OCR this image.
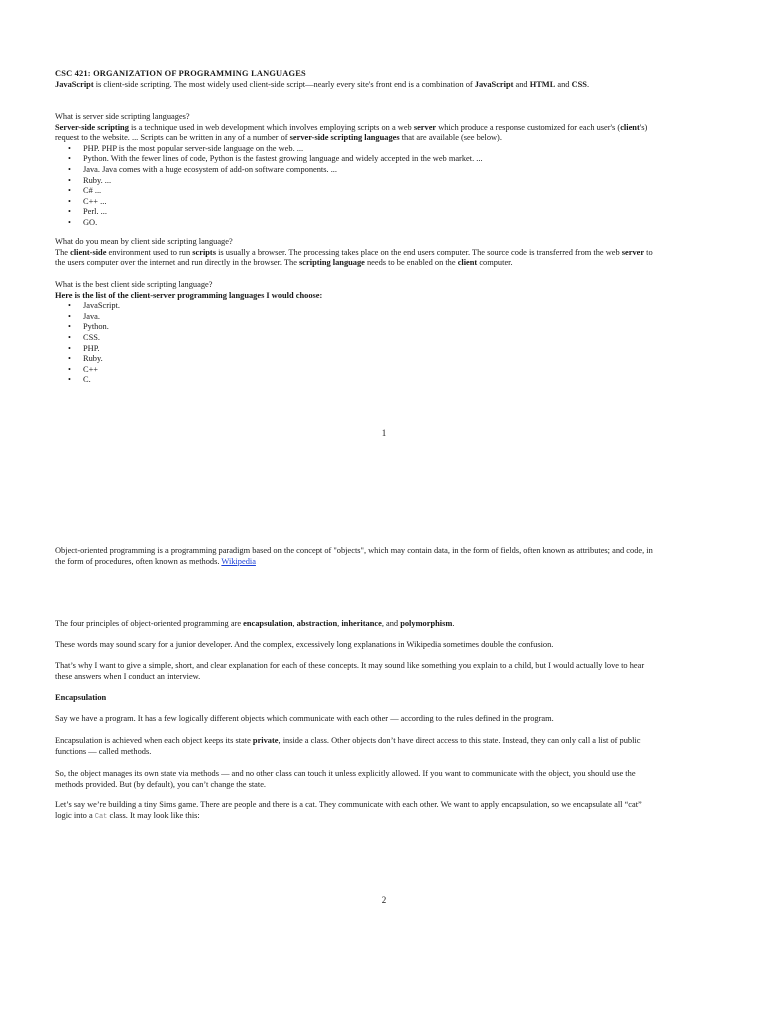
CSC 421: ORGANIZATION OF PROGRAMMING LANGUAGES

JavaScript is client-side scripting. The most widely used client-side script—nearly every site's front end is a combination of JavaScript and HTML and CSS.

What is server side scripting languages?

Server-side scripting is a technique used in web development which involves employing scripts on a web server which produce a response customized for each user's (client's)
request to the website. ... Scripts can be written in any of a number of server-side scripting languages that are available (see below).

• PHP. PHP is the most popular server-side language on the web. ...
• Python. With the fewer lines of code, Python is the fastest growing language and widely accepted in the web market. ...
• Java. Java comes with a huge ecosystem of add-on software components. ...
• Ruby. ...
• C# ...
• C++ ...
• Perl. ...
• GO.

What do you mean by client side scripting language?

The client-side environment used to run scripts is usually a browser. The processing takes place on the end users computer. The source code is transferred from the web server to
the users computer over the internet and run directly in the browser. The scripting language needs to be enabled on the client computer.

What is the best client side scripting language?

Here is the list of the client-server programming languages I would choose:

• JavaScript.
• Java.
• Python.
• CSS.
• PHP.
• Ruby.
• C++
• C.
1

Object-oriented programming is a programming paradigm based on the concept of "objects", which may contain data, in the form of fields, often known as attributes; and code, in

the form of procedures, often known as methods. Wikipedia

The four principles of object-oriented programming are encapsulation, abstraction, inheritance, and polymorphism.

These words may sound scary for a junior developer. And the complex, excessively long explanations in Wikipedia sometimes double the confusion.

That’s why I want to give a simple, short, and clear explanation for each of these concepts. It may sound like something you explain to a child, but I would actually love to hear

these answers when I conduct an interview.

Encapsulation

Say we have a program. It has a few logically different objects which communicate with each other — according to the rules defined in the program.

Encapsulation is achieved when each object keeps its state private, inside a class. Other objects don’t have direct access to this state. Instead, they can only call a list of public

functions — called methods.

So, the object manages its own state via methods — and no other class can touch it unless explicitly allowed. If you want to communicate with the object, you should use the

methods provided. But (by default), you can’t change the state.

Let’s say we’re building a tiny Sims game. There are people and there is a cat. They communicate with each other. We want to apply encapsulation, so we encapsulate all “cat”

logic into a Cat class. It may look like this:

2
